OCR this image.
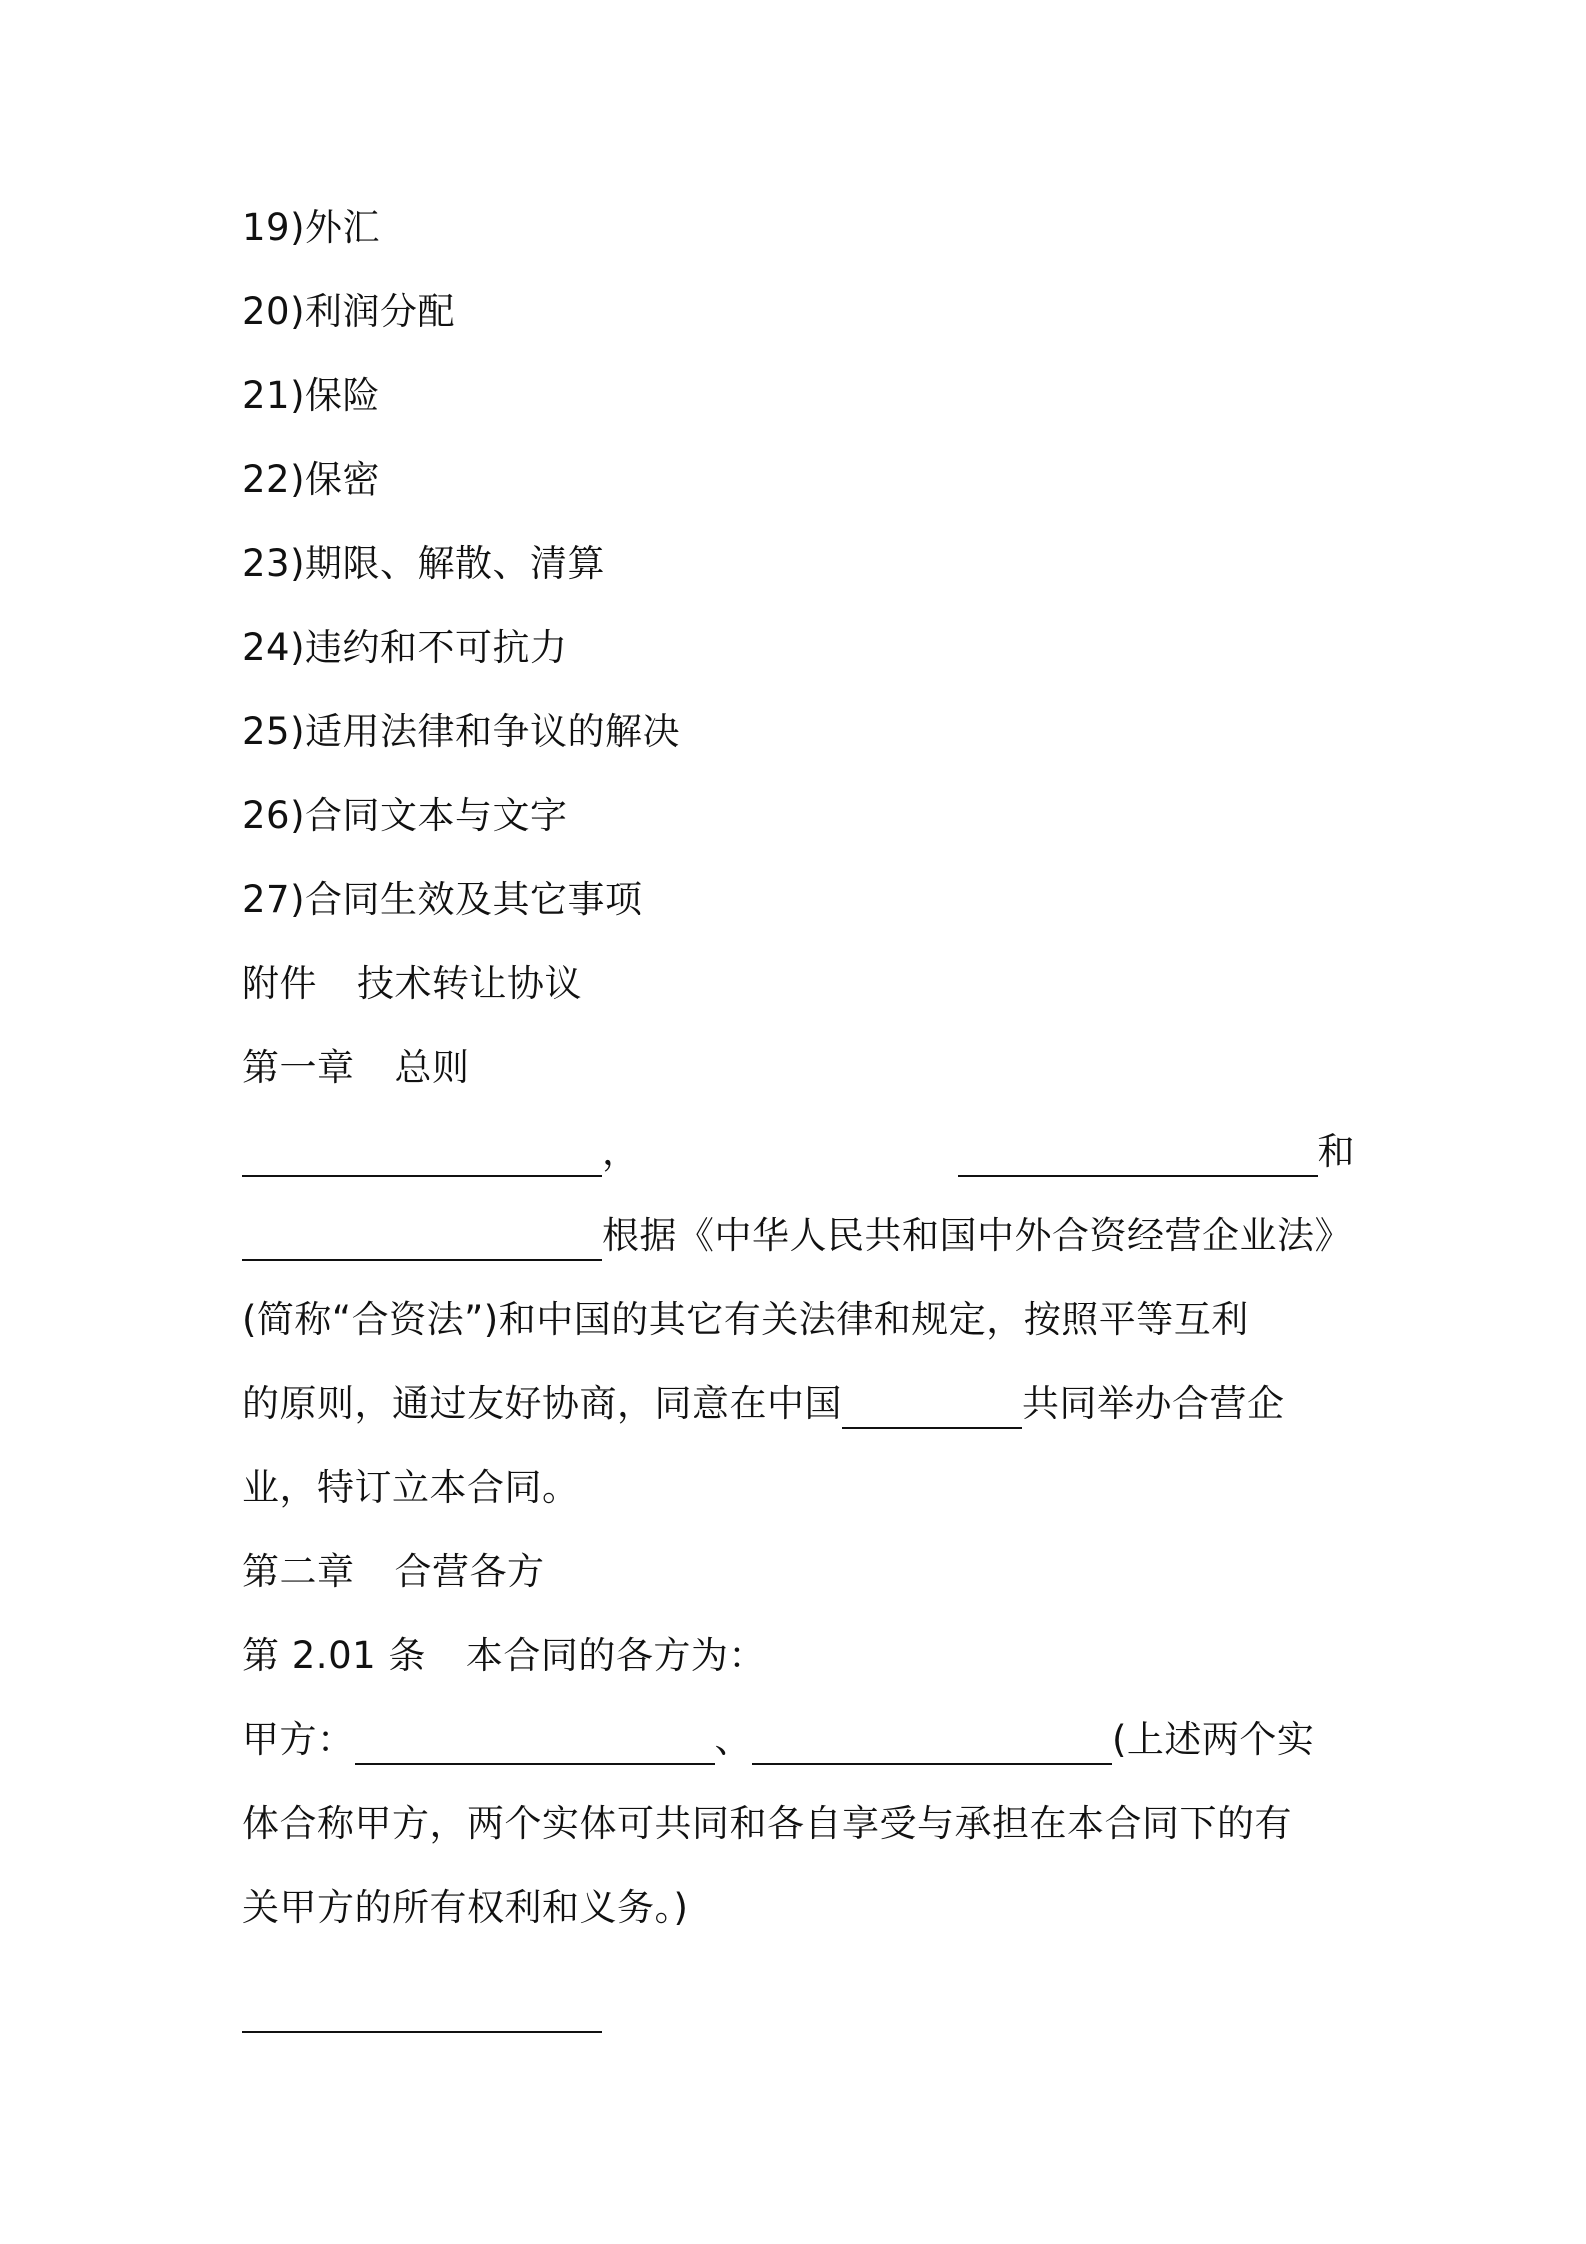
19)外汇
20)利润分配
21)保险
22)保密
23)期限、解散、清算
24)违约和不可抗力
25)适用法律和争议的解决
26)合同文本与文字
27)合同生效及其它事项
附件 技术转让协议
第一章 总则
，	和
根据《中华人民共和国中外合资经营企业法》
(简称“合资法”)和中国的其它有关法律和规定，按照平等互利
的原则，通过友好协商，同意在中国	共同举办合营企
业，特订立本合同。
第二章 合营各方
第 2.01 条 本合同的各方为：
甲方：	、	(上述两个实
体合称甲方，两个实体可共同和各自享受与承担在本合同下的有
关甲方的所有权利和义务。)
